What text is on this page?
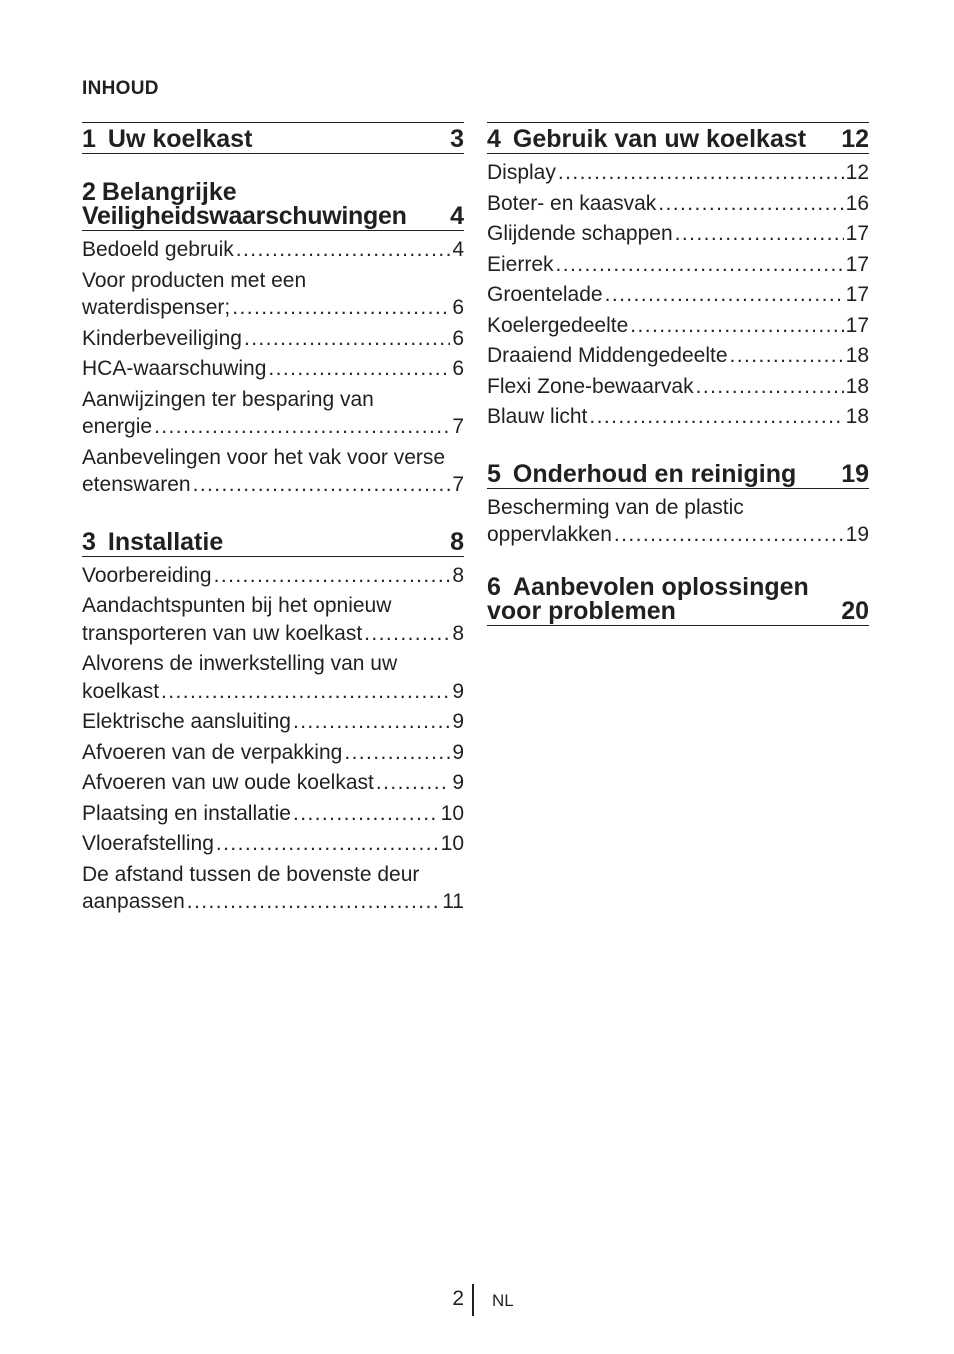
INHOUD
1 Uw koelkast	3
2 Belangrijke
Veiligheidswaarschuwingen	4
Bedoeld gebruik .....	4
Voor producten met een
waterdispenser; .....	6
Kinderbeveiliging .....	6
HCA-waarschuwing .....	6
Aanwijzingen ter besparing van
energie .....	7
Aanbevelingen voor het vak voor verse
etenswaren .....	7
3 Installatie	8
Voorbereiding .....	8
Aandachtspunten bij het opnieuw
transporteren van uw koelkast .....	8
Alvorens de inwerkstelling van uw
koelkast .....	9
Elektrische aansluiting .....	9
Afvoeren van de verpakking .....	9
Afvoeren van uw oude koelkast .....	9
Plaatsing en installatie .....	10
Vloerafstelling .....	10
De afstand tussen de bovenste deur
aanpassen .....	11
4 Gebruik van uw koelkast	12
Display .....	12
Boter- en kaasvak .....	16
Glijdende schappen .....	17
Eierrek .....	17
Groentelade .....	17
Koelergedeelte .....	17
Draaiend Middengedeelte .....	18
Flexi Zone-bewaarvak .....	18
Blauw licht .....	18
5 Onderhoud en reiniging	19
Bescherming van de plastic
oppervlakken .....	19
6 Aanbevolen oplossingen
voor problemen	20
2 NL
